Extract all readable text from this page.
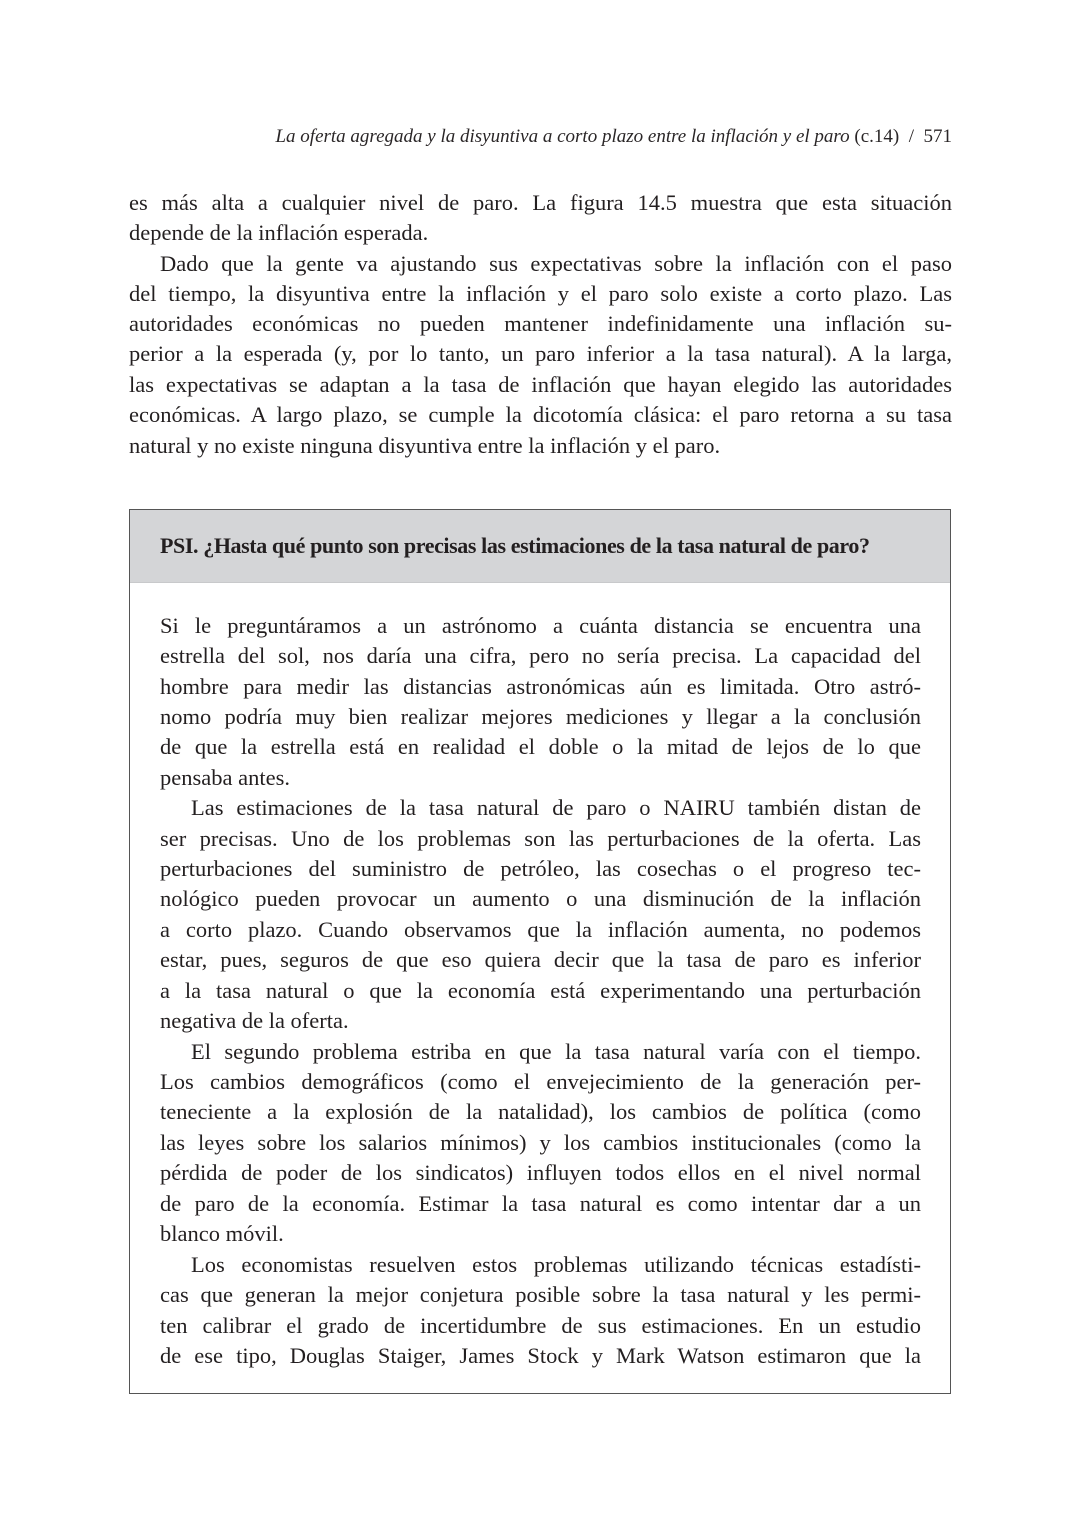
La oferta agregada y la disyuntiva a corto plazo entre la inflación y el paro (c.14) / 571
es más alta a cualquier nivel de paro. La figura 14.5 muestra que esta situación
depende de la inflación esperada.
Dado que la gente va ajustando sus expectativas sobre la inflación con el paso
del tiempo, la disyuntiva entre la inflación y el paro solo existe a corto plazo. Las
autoridades económicas no pueden mantener indefinidamente una inflación su-
perior a la esperada (y, por lo tanto, un paro inferior a la tasa natural). A la larga,
las expectativas se adaptan a la tasa de inflación que hayan elegido las autoridades
económicas. A largo plazo, se cumple la dicotomía clásica: el paro retorna a su tasa
natural y no existe ninguna disyuntiva entre la inflación y el paro.
PSI. ¿Hasta qué punto son precisas las estimaciones de la tasa natural de paro?
Si le preguntáramos a un astrónomo a cuánta distancia se encuentra una
estrella del sol, nos daría una cifra, pero no sería precisa. La capacidad del
hombre para medir las distancias astronómicas aún es limitada. Otro astró-
nomo podría muy bien realizar mejores mediciones y llegar a la conclusión
de que la estrella está en realidad el doble o la mitad de lejos de lo que
pensaba antes.
Las estimaciones de la tasa natural de paro o NAIRU también distan de
ser precisas. Uno de los problemas son las perturbaciones de la oferta. Las
perturbaciones del suministro de petróleo, las cosechas o el progreso tec-
nológico pueden provocar un aumento o una disminución de la inflación
a corto plazo. Cuando observamos que la inflación aumenta, no podemos
estar, pues, seguros de que eso quiera decir que la tasa de paro es inferior
a la tasa natural o que la economía está experimentando una perturbación
negativa de la oferta.
El segundo problema estriba en que la tasa natural varía con el tiempo.
Los cambios demográficos (como el envejecimiento de la generación per-
teneciente a la explosión de la natalidad), los cambios de política (como
las leyes sobre los salarios mínimos) y los cambios institucionales (como la
pérdida de poder de los sindicatos) influyen todos ellos en el nivel normal
de paro de la economía. Estimar la tasa natural es como intentar dar a un
blanco móvil.
Los economistas resuelven estos problemas utilizando técnicas estadísti-
cas que generan la mejor conjetura posible sobre la tasa natural y les permi-
ten calibrar el grado de incertidumbre de sus estimaciones. En un estudio
de ese tipo, Douglas Staiger, James Stock y Mark Watson estimaron que la
